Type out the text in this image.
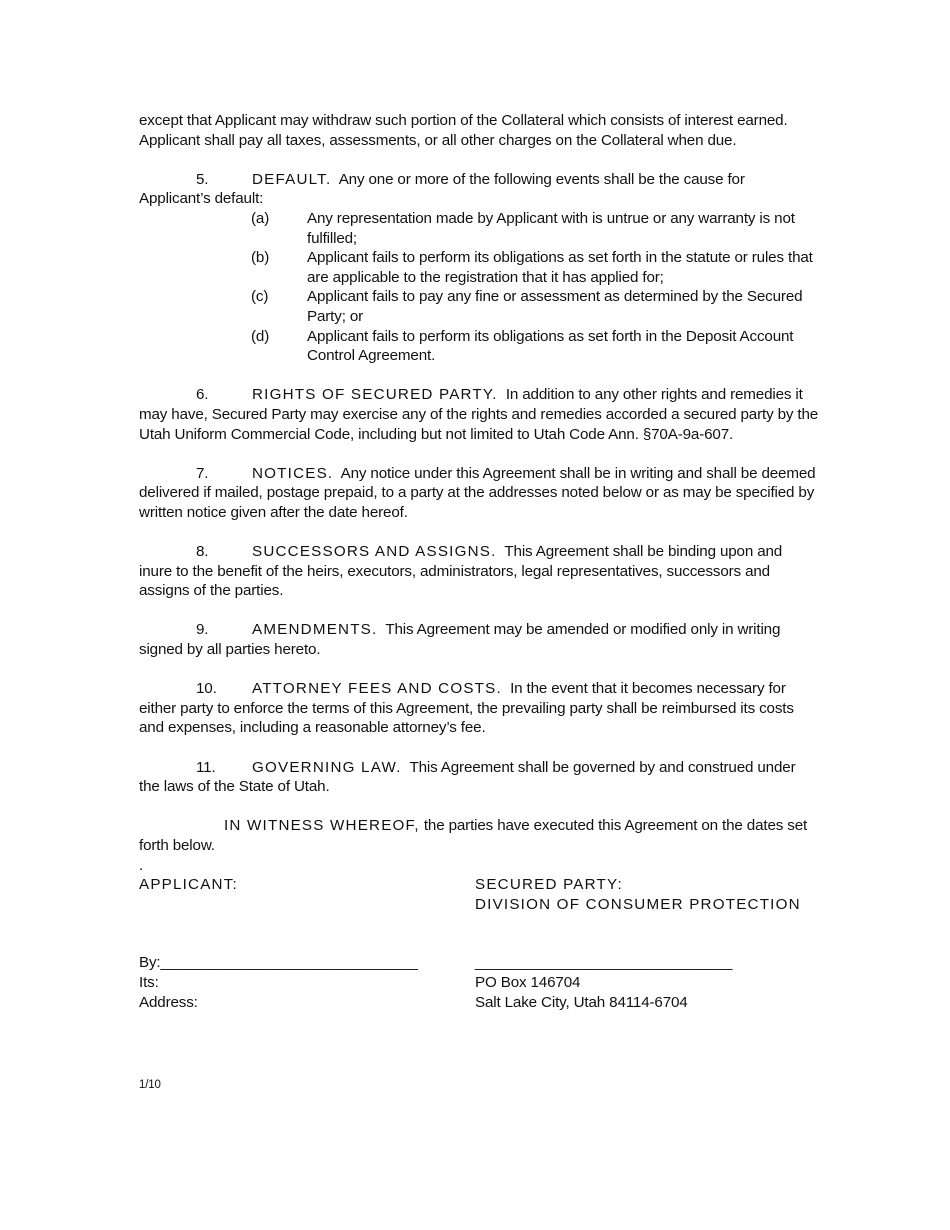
except that Applicant may withdraw such portion of the Collateral which consists of interest earned. Applicant shall pay all taxes, assessments, or all other charges on the Collateral when due.

5.	DEFAULT. Any one or more of the following events shall be the cause for Applicant’s default:

(a)	Any representation made by Applicant with is untrue or any warranty is not fulfilled;
(b)	Applicant fails to perform its obligations as set forth in the statute or rules that are applicable to the registration that it has applied for;
(c)	Applicant fails to pay any fine or assessment as determined by the Secured Party; or
(d)	Applicant fails to perform its obligations as set forth in the Deposit Account Control Agreement.

6.	RIGHTS OF SECURED PARTY. In addition to any other rights and remedies it may have, Secured Party may exercise any of the rights and remedies accorded a secured party by the Utah Uniform Commercial Code, including but not limited to Utah Code Ann. §70A-9a-607.

7.	NOTICES. Any notice under this Agreement shall be in writing and shall be deemed delivered if mailed, postage prepaid, to a party at the addresses noted below or as may be specified by written notice given after the date hereof.

8.	SUCCESSORS AND ASSIGNS. This Agreement shall be binding upon and inure to the benefit of the heirs, executors, administrators, legal representatives, successors and assigns of the parties.

9.	AMENDMENTS. This Agreement may be amended or modified only in writing signed by all parties hereto.

10. ATTORNEY FEES AND COSTS. In the event that it becomes necessary for either party to enforce the terms of this Agreement, the prevailing party shall be reimbursed its costs and expenses, including a reasonable attorney’s fee.

11. GOVERNING LAW. This Agreement shall be governed by and construed under the laws of the State of Utah.

IN WITNESS WHEREOF, the parties have executed this Agreement on the dates set forth below.

.

APPLICANT:

By:_______________________________

Its:

Address:

SECURED PARTY:

DIVISION OF CONSUMER PROTECTION

_______________________________

PO Box 146704

Salt Lake City, Utah 84114-6704

1/10
